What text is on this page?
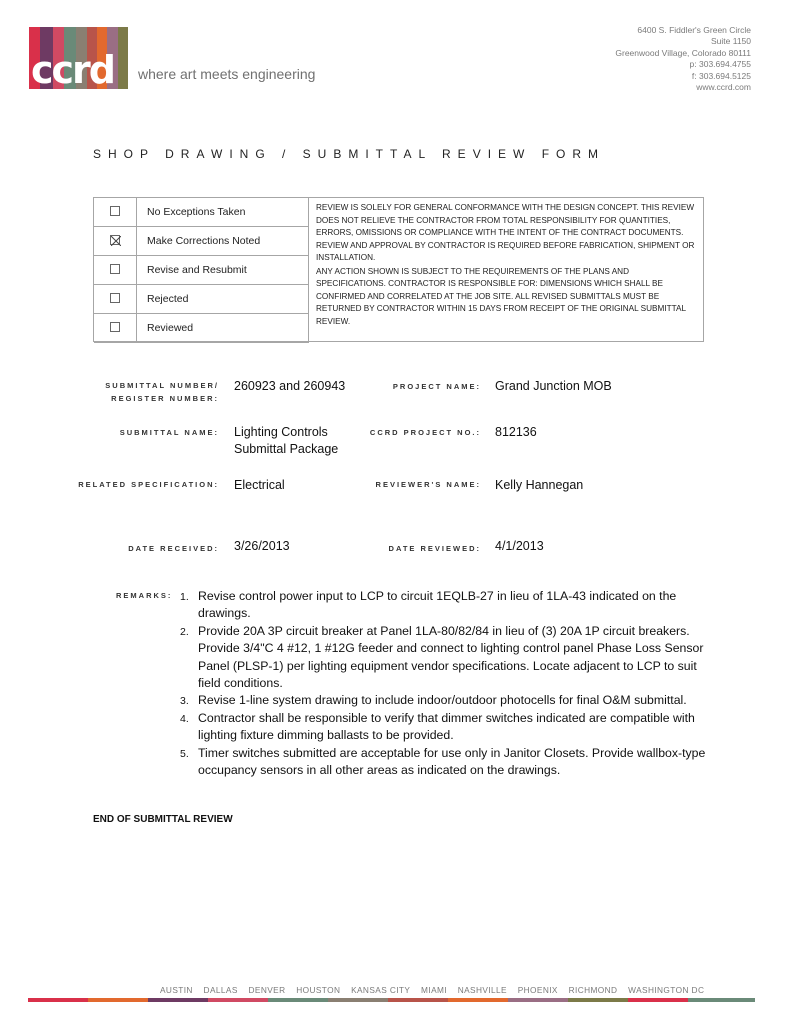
ccrd	where art meets engineering
6400 S. Fiddler's Green Circle
Suite 1150
Greenwood Village, Colorado 80111
p: 303.694.4755
f: 303.694.5125
www.ccrd.com
SHOP DRAWING / SUBMITTAL REVIEW FORM
No Exceptions Taken
Make Corrections Noted
Revise and Resubmit
Rejected
Reviewed

REVIEW IS SOLELY FOR GENERAL CONFORMANCE WITH THE DESIGN CONCEPT. THIS REVIEW DOES NOT RELIEVE THE CONTRACTOR FROM TOTAL RESPONSIBILITY FOR QUANTITIES, ERRORS, OMISSIONS OR COMPLIANCE WITH THE INTENT OF THE CONTRACT DOCUMENTS. REVIEW AND APPROVAL BY CONTRACTOR IS REQUIRED BEFORE FABRICATION, SHIPMENT OR INSTALLATION.

ANY ACTION SHOWN IS SUBJECT TO THE REQUIREMENTS OF THE PLANS AND SPECIFICATIONS. CONTRACTOR IS RESPONSIBLE FOR: DIMENSIONS WHICH SHALL BE CONFIRMED AND CORRELATED AT THE JOB SITE. ALL REVISED SUBMITTALS MUST BE RETURNED BY CONTRACTOR WITHIN 15 DAYS FROM RECEIPT OF THE ORIGINAL SUBMITTAL REVIEW.

SUBMITTAL NUMBER/
REGISTER NUMBER:
260923 and 260943
SUBMITTAL NAME: Lighting Controls
Submittal Package
RELATED SPECIFICATION: Electrical
DATE RECEIVED: 3/26/2013
PROJECT NAME: Grand Junction MOB
CCRD PROJECT NO.: 812136
REVIEWER'S NAME: Kelly Hannegan
DATE REVIEWED: 4/1/2013
REMARKS: 1. Revise control power input to LCP to circuit 1EQLB-27 in lieu of 1LA-43 indicated on the drawings.
2. Provide 20A 3P circuit breaker at Panel 1LA-80/82/84 in lieu of (3) 20A 1P circuit breakers. Provide 3/4"C 4 #12, 1 #12G feeder and connect to lighting control panel Phase Loss Sensor Panel (PLSP-1) per lighting equipment vendor specifications. Locate adjacent to LCP to suit field conditions.
3. Revise 1-line system drawing to include indoor/outdoor photocells for final O&M submittal.
4. Contractor shall be responsible to verify that dimmer switches indicated are compatible with lighting fixture dimming ballasts to be provided.
5. Timer switches submitted are acceptable for use only in Janitor Closets. Provide wallbox-type occupancy sensors in all other areas as indicated on the drawings.
END OF SUBMITTAL REVIEW
AUSTIN DALLAS DENVER HOUSTON KANSAS CITY MIAMI NASHVILLE PHOENIX RICHMOND WASHINGTON DC
